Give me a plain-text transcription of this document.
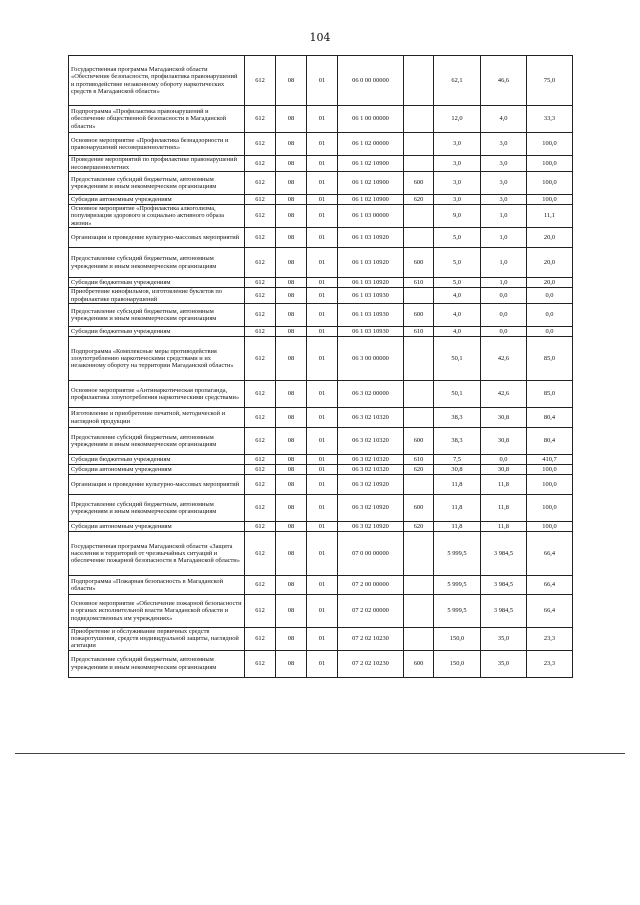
104
Государственная программа Магаданской области «Обеспечение безопасности, профилактика правонарушений и противодействие незаконному обороту наркотических средств в Магаданской области»	612	08	01	06 0 00 00000		62,1	46,6	75,0
Подпрограмма «Профилактика правонарушений и обеспечение общественной безопасности в Магаданской области»	612	08	01	06 1 00 00000		12,0	4,0	33,3
Основное мероприятие «Профилактика безнадзорности и правонарушений несовершеннолетних»	612	08	01	06 1 02 00000		3,0	3,0	100,0
Проведение мероприятий по профилактике правонарушений несовершеннолетних	612	08	01	06 1 02 10900		3,0	3,0	100,0
Предоставление субсидий бюджетным, автономным учреждениям и иным некоммерческим организациям	612	08	01	06 1 02 10900	600	3,0	3,0	100,0
Субсидии автономным учреждениям	612	08	01	06 1 02 10900	620	3,0	3,0	100,0
Основное мероприятие «Профилактика алкоголизма, популяризация здорового и социально активного образа жизни»	612	08	01	06 1 03 00000		9,0	1,0	11,1
Организация и проведение культурно-массовых мероприятий	612	08	01	06 1 03 10920		5,0	1,0	20,0
Предоставление субсидий бюджетным, автономным учреждениям и иным некоммерческим организациям	612	08	01	06 1 03 10920	600	5,0	1,0	20,0
Субсидии бюджетным учреждениям	612	08	01	06 1 03 10920	610	5,0	1,0	20,0
Приобретение кинофильмов, изготовление буклетов по профилактике правонарушений	612	08	01	06 1 03 10930		4,0	0,0	0,0
Предоставление субсидий бюджетным, автономным учреждениям и иным некоммерческим организациям	612	08	01	06 1 03 10930	600	4,0	0,0	0,0
Субсидии бюджетным учреждениям	612	08	01	06 1 03 10930	610	4,0	0,0	0,0
Подпрограмма «Комплексные меры противодействия злоупотреблению наркотическими средствами и их незаконному обороту на территории Магаданской области»	612	08	01	06 3 00 00000		50,1	42,6	85,0
Основное мероприятие «Антинаркотическая пропаганда, профилактика злоупотребления наркотическими средствами»	612	08	01	06 3 02 00000		50,1	42,6	85,0
Изготовление и приобретение печатной, методической и наглядной продукции	612	08	01	06 3 02 10320		38,3	30,8	80,4
Предоставление субсидий бюджетным, автономным учреждениям и иным некоммерческим организациям	612	08	01	06 3 02 10320	600	38,3	30,8	80,4
Субсидии бюджетным учреждениям	612	08	01	06 3 02 10320	610	7,5	0,0	410,7
Субсидии автономным учреждениям	612	08	01	06 3 02 10320	620	30,8	30,8	100,0
Организация и проведение культурно-массовых мероприятий	612	08	01	06 3 02 10920		11,8	11,8	100,0
Предоставление субсидий бюджетным, автономным учреждениям и иным некоммерческим организациям	612	08	01	06 3 02 10920	600	11,8	11,8	100,0
Субсидии автономным учреждениям	612	08	01	06 3 02 10920	620	11,8	11,8	100,0
Государственная программа Магаданской области «Защита населения и территорий от чрезвычайных ситуаций и обеспечение пожарной безопасности в Магаданской области»	612	08	01	07 0 00 00000		5 999,5	3 984,5	66,4
Подпрограмма «Пожарная безопасность в Магаданской области»	612	08	01	07 2 00 00000		5 999,5	3 984,5	66,4
Основное мероприятие «Обеспечение пожарной безопасности в органах исполнительной власти Магаданской области и подведомственных им учреждениях»	612	08	01	07 2 02 00000		5 999,5	3 984,5	66,4
Приобретение и обслуживание первичных средств пожаротушения, средств индивидуальной защиты, наглядной агитации	612	08	01	07 2 02 10230		150,0	35,0	23,3
Предоставление субсидий бюджетным, автономным учреждениям и иным некоммерческим организациям	612	08	01	07 2 02 10230	600	150,0	35,0	23,3
